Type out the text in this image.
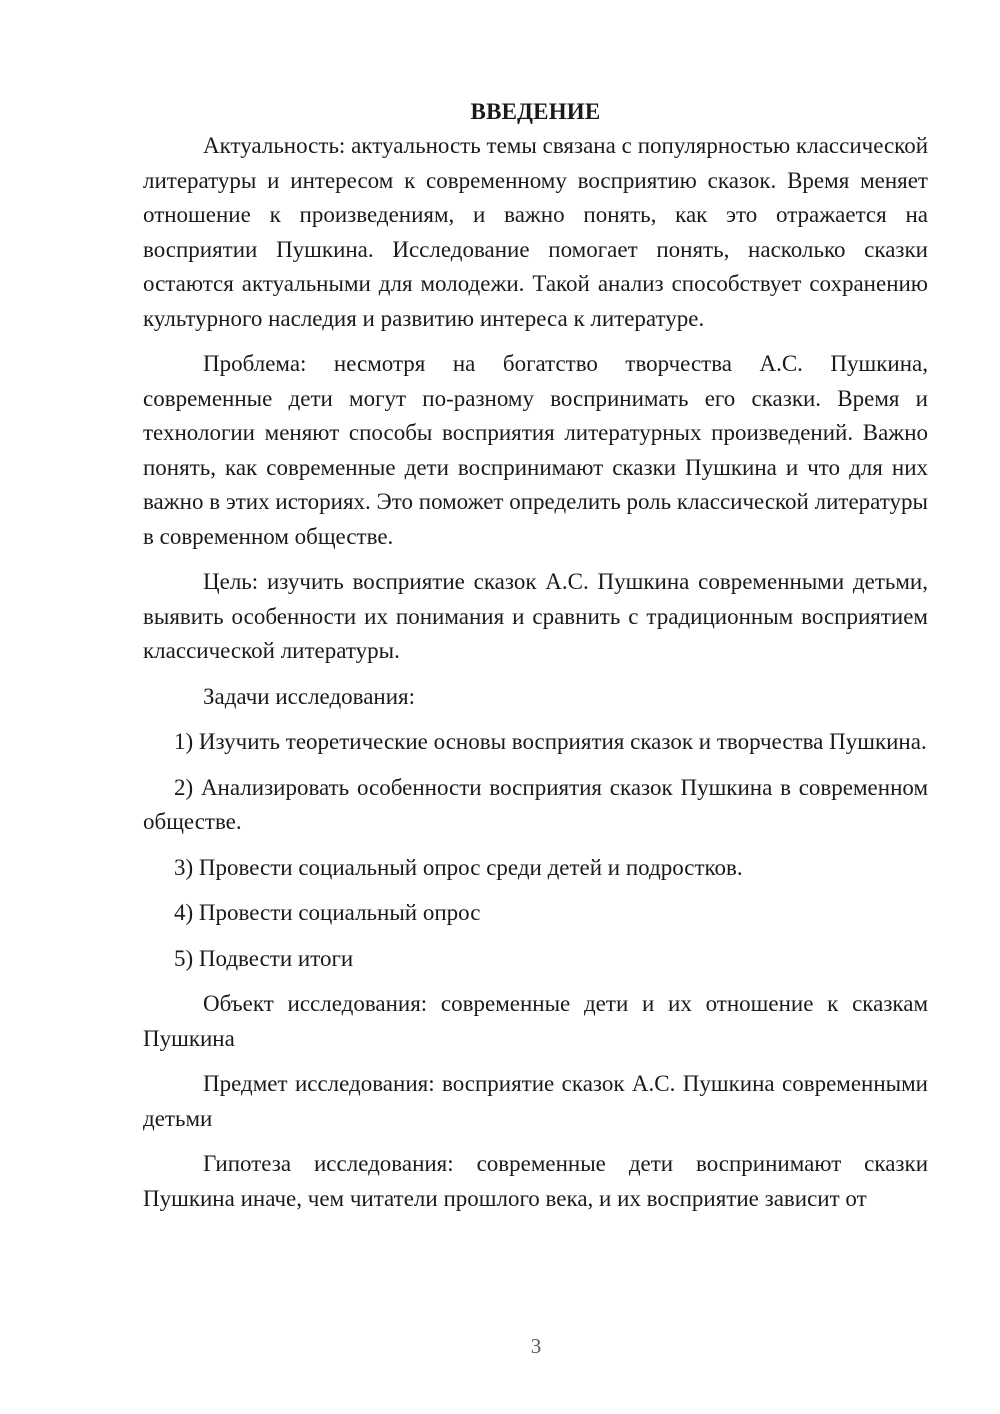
ВВЕДЕНИЕ

Актуальность: актуальность темы связана с популярностью классической литературы и интересом к современному восприятию сказок. Время меняет отношение к произведениям, и важно понять, как это отражается на восприятии Пушкина. Исследование помогает понять, насколько сказки остаются актуальными для молодежи. Такой анализ способствует сохранению культурного наследия и развитию интереса к литературе.

Проблема: несмотря на богатство творчества А.С. Пушкина, современные дети могут по-разному воспринимать его сказки. Время и технологии меняют способы восприятия литературных произведений. Важно понять, как современные дети воспринимают сказки Пушкина и что для них важно в этих историях. Это поможет определить роль классической литературы в современном обществе.

Цель: изучить восприятие сказок А.С. Пушкина современными детьми, выявить особенности их понимания и сравнить с традиционным восприятием классической литературы.

Задачи исследования:

1) Изучить теоретические основы восприятия сказок и творчества Пушкина.

2) Анализировать особенности восприятия сказок Пушкина в современном обществе.

3) Провести социальный опрос среди детей и подростков.

4) Провести социальный опрос

5) Подвести итоги

Объект исследования: современные дети и их отношение к сказкам Пушкина

Предмет исследования: восприятие сказок А.С. Пушкина современными детьми

Гипотеза исследования: современные дети воспринимают сказки Пушкина иначе, чем читатели прошлого века, и их восприятие зависит от

3
